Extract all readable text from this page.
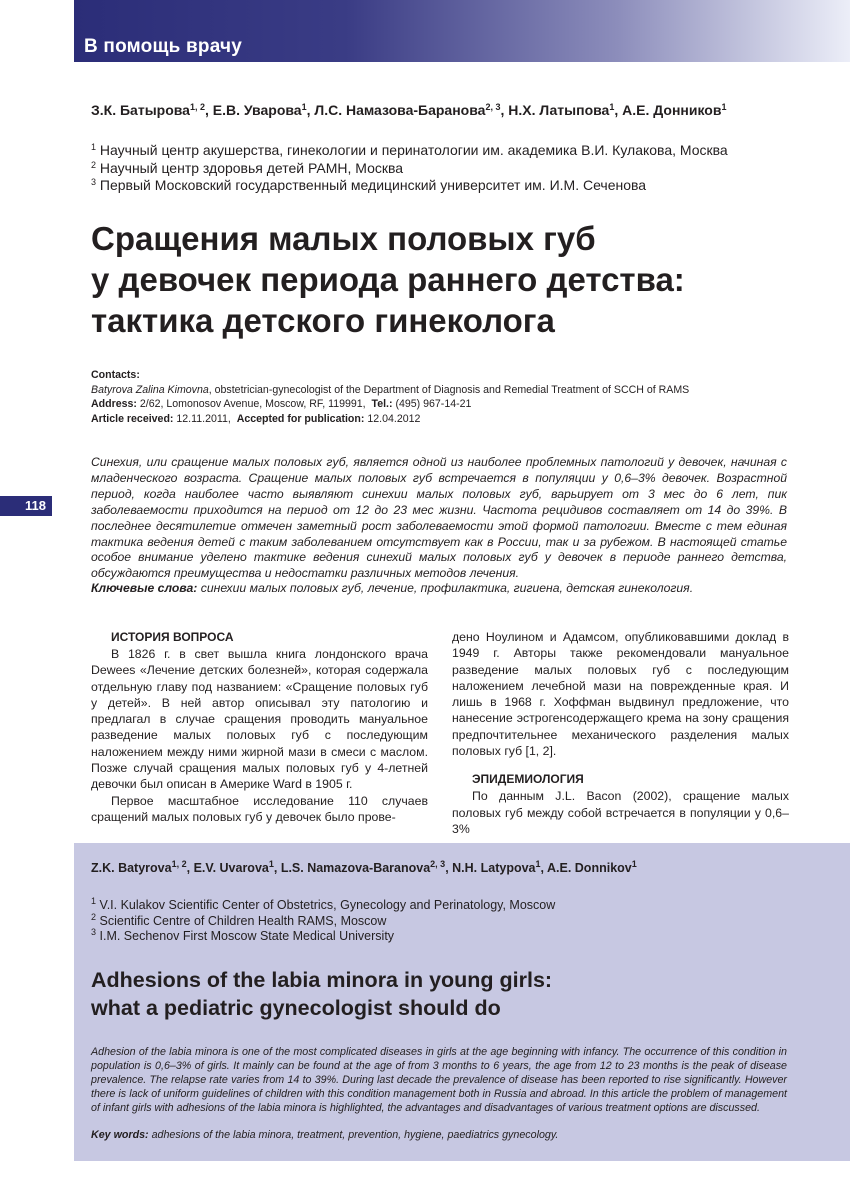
В помощь врачу
118
З.К. Батырова$^{1, 2}$, Е.В. Уварова$^1$, Л.С. Намазова-Баранова$^{2, 3}$, Н.Х. Латыпова$^1$, А.Е. Донников$^1$
$^1$ Научный центр акушерства, гинекологии и перинатологии им. академика В.И. Кулакова, Москва
$^2$ Научный центр здоровья детей РАМН, Москва
$^3$ Первый Московский государственный медицинский университет им. И.М. Сеченова
Сращения малых половых губ
у девочек периода раннего детства:
тактика детского гинеколога
Contacts:
Batyrova Zalina Kimovna, obstetrician-gynecologist of the Department of Diagnosis and Remedial Treatment of SCCH of RAMS
Address: 2/62, Lomonosov Avenue, Moscow, RF, 119991, Tel.: (495) 967-14-21
Article received: 12.11.2011, Accepted for publication: 12.04.2012
Синехия, или сращение малых половых губ, является одной из наиболее проблемных патологий у девочек, начиная с младенческого возраста. Сращение малых половых губ встречается в популяции у 0,6–3% девочек. Возрастной период, когда наиболее часто выявляют синехии малых половых губ, варьирует от 3 мес до 6 лет, пик заболеваемости приходится на период от 12 до 23 мес жизни. Частота рецидивов составляет от 14 до 39%. В последнее десятилетие отмечен заметный рост заболеваемости этой формой патологии. Вместе с тем единая тактика ведения детей с таким заболеванием отсутствует как в России, так и за рубежом. В настоящей статье особое внимание уделено тактике ведения синехий малых половых губ у девочек в периоде раннего детства, обсуждаются преимущества и недостатки различных методов лечения.
Ключевые слова: синехии малых половых губ, лечение, профилактика, гигиена, детская гинекология.
ИСТОРИЯ ВОПРОСА

В 1826 г. в свет вышла книга лондонского врача Dewees «Лечение детских болезней», которая содержала отдельную главу под названием: «Сращение половых губ у детей». В ней автор описывал эту патологию и предлагал в случае сращения проводить мануальное разведение малых половых губ с последующим наложением между ними жирной мази в смеси с маслом. Позже случай сращения малых половых губ у 4-летней девочки был описан в Америке Ward в 1905 г.

Первое масштабное исследование 110 случаев сращений малых половых губ у девочек было прове-

дено Ноулином и Адамсом, опубликовавшими доклад в 1949 г. Авторы также рекомендовали мануальное разведение малых половых губ с последующим наложением лечебной мази на поврежденные края. И лишь в 1968 г. Хоффман выдвинул предложение, что нанесение эстрогенсодержащего крема на зону сращения предпочтительнее механического разделения малых половых губ [1, 2].

ЭПИДЕМИОЛОГИЯ

По данным J.L. Bacon (2002), сращение малых половых губ между собой встречается в популяции у 0,6–3%

Z.K. Batyrova$^{1, 2}$, E.V. Uvarova$^1$, L.S. Namazova-Baranova$^{2, 3}$, N.H. Latypova$^1$, A.E. Donnikov$^1$
$^1$ V.I. Kulakov Scientific Center of Obstetrics, Gynecology and Perinatology, Moscow
$^2$ Scientific Centre of Children Health RAMS, Moscow
$^3$ I.M. Sechenov First Moscow State Medical University
Adhesions of the labia minora in young girls:
what a pediatric gynecologist should do
Adhesion of the labia minora is one of the most complicated diseases in girls at the age beginning with infancy. The occurrence of this condition in population is 0,6–3% of girls. It mainly can be found at the age of from 3 months to 6 years, the age from 12 to 23 months is the peak of disease prevalence. The relapse rate varies from 14 to 39%. During last decade the prevalence of disease has been reported to rise significantly. However there is lack of uniform guidelines of children with this condition management both in Russia and abroad. In this article the problem of management of infant girls with adhesions of the labia minora is highlighted, the advantages and disadvantages of various treatment options are discussed.
Key words: adhesions of the labia minora, treatment, prevention, hygiene, paediatrics gynecology.
